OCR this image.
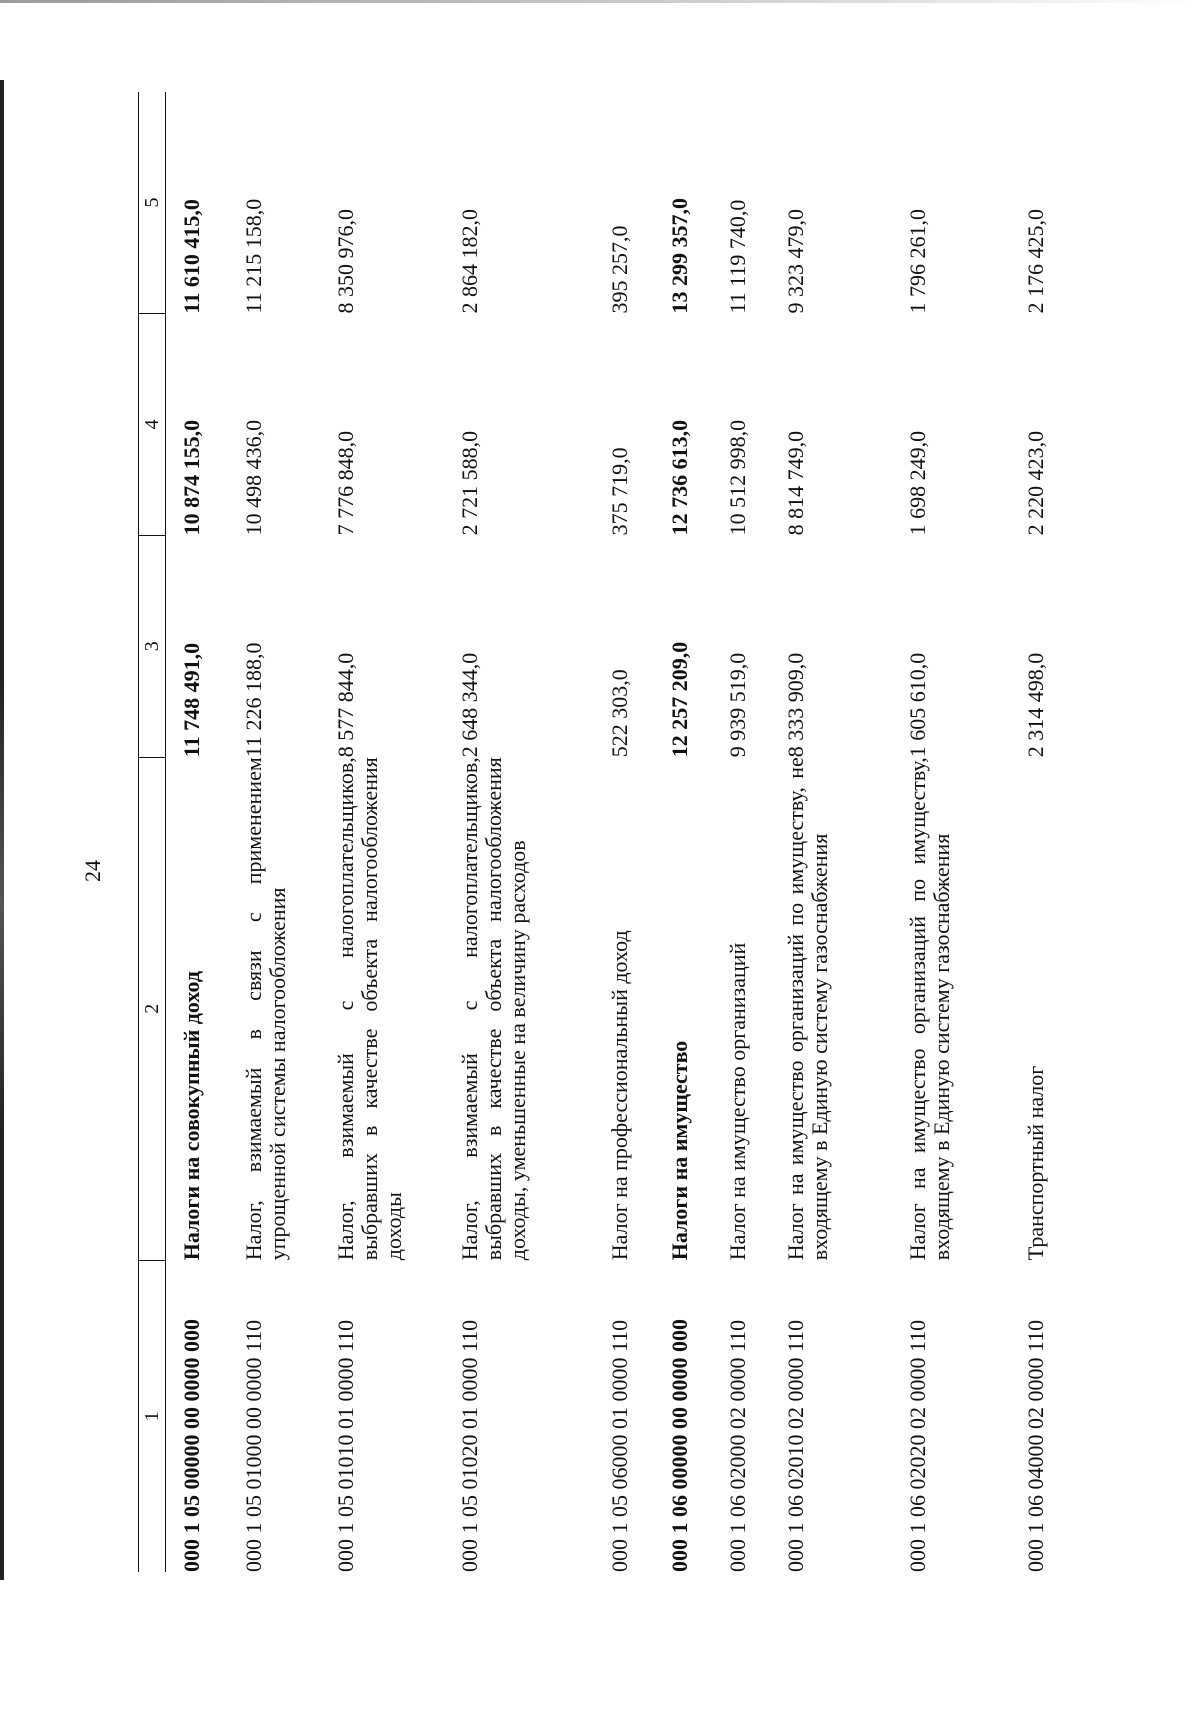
24
1	2	3	4	5
000 1 05 00000 00 0000 000	Налоги на совокупный доход	11 748 491,0	10 874 155,0	11 610 415,0
000 1 05 01000 00 0000 110	Налог, взимаемый в связи с применением упрощенной системы налогообложения	11 226 188,0	10 498 436,0	11 215 158,0
000 1 05 01010 01 0000 110	Налог, взимаемый с налогоплательщиков, выбравших в качестве объекта налогообложения доходы	8 577 844,0	7 776 848,0	8 350 976,0
000 1 05 01020 01 0000 110	Налог, взимаемый с налогоплательщиков, выбравших в качестве объекта налогообложения доходы, уменьшенные на величину расходов	2 648 344,0	2 721 588,0	2 864 182,0
000 1 05 06000 01 0000 110	Налог на профессиональный доход	522 303,0	375 719,0	395 257,0
000 1 06 00000 00 0000 000	Налоги на имущество	12 257 209,0	12 736 613,0	13 299 357,0
000 1 06 02000 02 0000 110	Налог на имущество организаций	9 939 519,0	10 512 998,0	11 119 740,0
000 1 06 02010 02 0000 110	Налог на имущество организаций по имуществу, не входящему в Единую систему газоснабжения	8 333 909,0	8 814 749,0	9 323 479,0
000 1 06 02020 02 0000 110	Налог на имущество организаций по имуществу, входящему в Единую систему газоснабжения	1 605 610,0	1 698 249,0	1 796 261,0
000 1 06 04000 02 0000 110	Транспортный налог	2 314 498,0	2 220 423,0	2 176 425,0
